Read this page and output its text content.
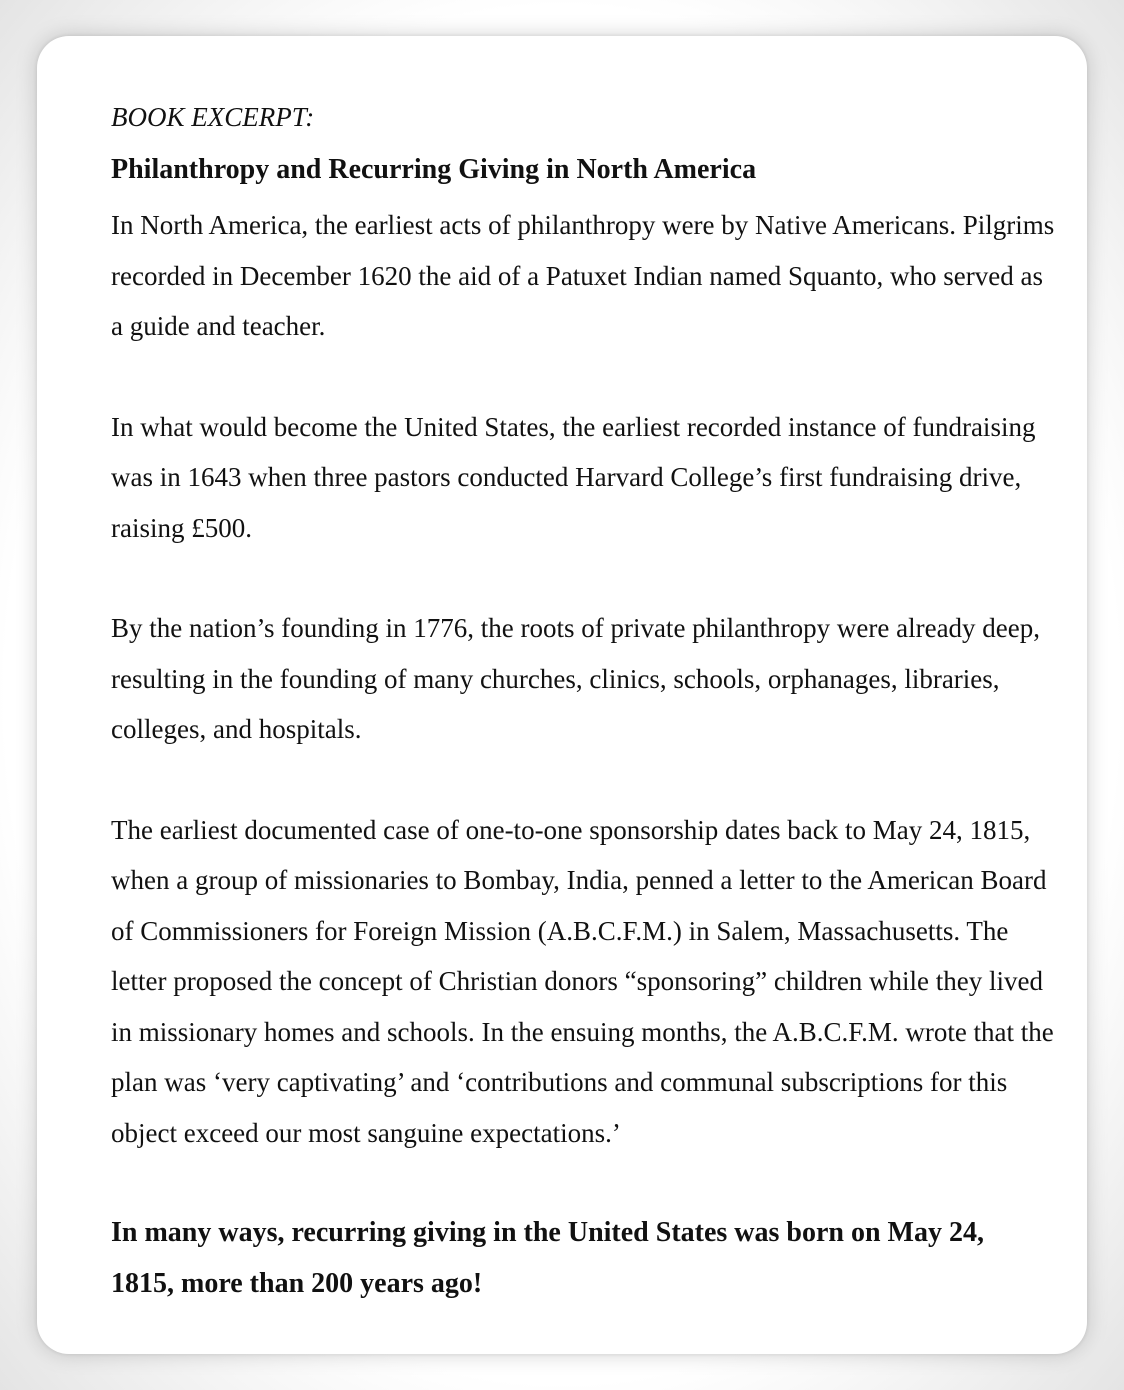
BOOK EXCERPT:
Philanthropy and Recurring Giving in North America

In North America, the earliest acts of philanthropy were by Native Americans. Pilgrims recorded in December 1620 the aid of a Patuxet Indian named Squanto, who served as a guide and teacher.

In what would become the United States, the earliest recorded instance of fundraising was in 1643 when three pastors conducted Harvard College’s first fundraising drive, raising £500.

By the nation’s founding in 1776, the roots of private philanthropy were already deep, resulting in the founding of many churches, clinics, schools, orphanages, libraries, colleges, and hospitals.

The earliest documented case of one-to-one sponsorship dates back to May 24, 1815, when a group of missionaries to Bombay, India, penned a letter to the American Board of Commissioners for Foreign Mission (A.B.C.F.M.) in Salem, Massachusetts. The letter proposed the concept of Christian donors “sponsoring” children while they lived in missionary homes and schools. In the ensuing months, the A.B.C.F.M. wrote that the plan was ‘very captivating’ and ‘contributions and communal subscriptions for this object exceed our most sanguine expectations.’

In many ways, recurring giving in the United States was born on May 24, 1815, more than 200 years ago!
